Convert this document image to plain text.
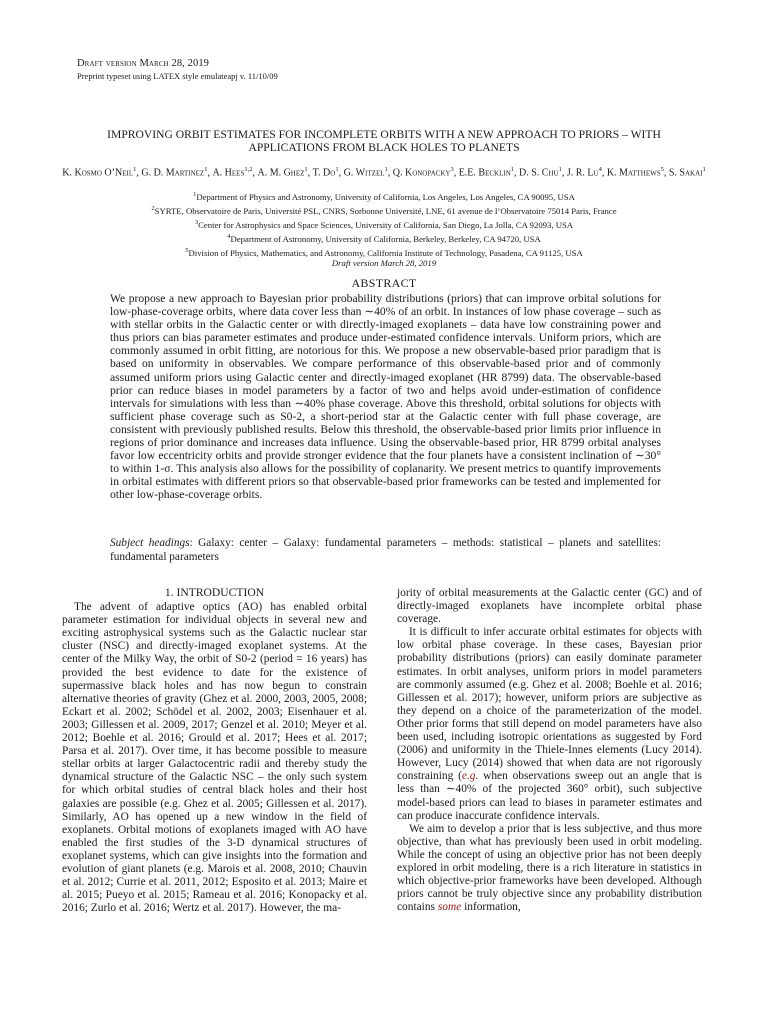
Draft version March 28, 2019
Preprint typeset using LATEX style emulateapj v. 11/10/09
IMPROVING ORBIT ESTIMATES FOR INCOMPLETE ORBITS WITH A NEW APPROACH TO PRIORS – WITH APPLICATIONS FROM BLACK HOLES TO PLANETS
K. Kosmo O’Neil$^1$, G. D. Martinez$^1$, A. Hees$^{1,2}$, A. M. Ghez$^1$, T. Do$^1$, G. Witzel$^1$, Q. Konopacky$^3$, E.E. Becklin$^1$, D. S. Chu$^1$, J. R. Lu$^4$, K. Matthews$^5$, S. Sakai$^1$
$^1$Department of Physics and Astronomy, University of California, Los Angeles, Los Angeles, CA 90095, USA
$^2$SYRTE, Observatoire de Paris, Université PSL, CNRS, Sorbonne Université, LNE, 61 avenue de l’Observatoire 75014 Paris, France
$^3$Center for Astrophysics and Space Sciences, University of California, San Diego, La Jolla, CA 92093, USA
$^4$Department of Astronomy, University of California, Berkeley, Berkeley, CA 94720, USA
$^5$Division of Physics, Mathematics, and Astronomy, California Institute of Technology, Pasadena, CA 91125, USA
Draft version March 28, 2019
ABSTRACT
We propose a new approach to Bayesian prior probability distributions (priors) that can improve orbital solutions for low-phase-coverage orbits, where data cover less than ∼40% of an orbit. In instances of low phase coverage – such as with stellar orbits in the Galactic center or with directly-imaged exoplanets – data have low constraining power and thus priors can bias parameter estimates and produce under-estimated confidence intervals. Uniform priors, which are commonly assumed in orbit fitting, are notorious for this. We propose a new observable-based prior paradigm that is based on uniformity in observables. We compare performance of this observable-based prior and of commonly assumed uniform priors using Galactic center and directly-imaged exoplanet (HR 8799) data. The observable-based prior can reduce biases in model parameters by a factor of two and helps avoid under-estimation of confidence intervals for simulations with less than ∼40% phase coverage. Above this threshold, orbital solutions for objects with sufficient phase coverage such as S0-2, a short-period star at the Galactic center with full phase coverage, are consistent with previously published results. Below this threshold, the observable-based prior limits prior influence in regions of prior dominance and increases data influence. Using the observable-based prior, HR 8799 orbital analyses favor low eccentricity orbits and provide stronger evidence that the four planets have a consistent inclination of ∼30° to within 1-σ. This analysis also allows for the possibility of coplanarity. We present metrics to quantify improvements in orbital estimates with different priors so that observable-based prior frameworks can be tested and implemented for other low-phase-coverage orbits.
Subject headings: Galaxy: center – Galaxy: fundamental parameters – methods: statistical – planets and satellites: fundamental parameters
1. INTRODUCTION

The advent of adaptive optics (AO) has enabled orbital parameter estimation for individual objects in several new and exciting astrophysical systems such as the Galactic nuclear star cluster (NSC) and directly-imaged exoplanet systems. At the center of the Milky Way, the orbit of S0-2 (period = 16 years) has provided the best evidence to date for the existence of supermassive black holes and has now begun to constrain alternative theories of gravity (Ghez et al. 2000, 2003, 2005, 2008; Eckart et al. 2002; Schödel et al. 2002, 2003; Eisenhauer et al. 2003; Gillessen et al. 2009, 2017; Genzel et al. 2010; Meyer et al. 2012; Boehle et al. 2016; Grould et al. 2017; Hees et al. 2017; Parsa et al. 2017). Over time, it has become possible to measure stellar orbits at larger Galactocentric radii and thereby study the dynamical structure of the Galactic NSC – the only such system for which orbital studies of central black holes and their host galaxies are possible (e.g. Ghez et al. 2005; Gillessen et al. 2017). Similarly, AO has opened up a new window in the field of exoplanets. Orbital motions of exoplanets imaged with AO have enabled the first studies of the 3-D dynamical structures of exoplanet systems, which can give insights into the formation and evolution of giant planets (e.g. Marois et al. 2008, 2010; Chauvin et al. 2012; Currie et al. 2011, 2012; Esposito et al. 2013; Maire et al. 2015; Pueyo et al. 2015; Rameau et al. 2016; Konopacky et al. 2016; Zurlo et al. 2016; Wertz et al. 2017). However, the ma-

jority of orbital measurements at the Galactic center (GC) and of directly-imaged exoplanets have incomplete orbital phase coverage.

It is difficult to infer accurate orbital estimates for objects with low orbital phase coverage. In these cases, Bayesian prior probability distributions (priors) can easily dominate parameter estimates. In orbit analyses, uniform priors in model parameters are commonly assumed (e.g. Ghez et al. 2008; Boehle et al. 2016; Gillessen et al. 2017); however, uniform priors are subjective as they depend on a choice of the parameterization of the model. Other prior forms that still depend on model parameters have also been used, including isotropic orientations as suggested by Ford (2006) and uniformity in the Thiele-Innes elements (Lucy 2014). However, Lucy (2014) showed that when data are not rigorously constraining (e.g. when observations sweep out an angle that is less than ∼40% of the projected 360° orbit), such subjective model-based priors can lead to biases in parameter estimates and can produce inaccurate confidence intervals.

We aim to develop a prior that is less subjective, and thus more objective, than what has previously been used in orbit modeling. While the concept of using an objective prior has not been deeply explored in orbit modeling, there is a rich literature in statistics in which objective-prior frameworks have been developed. Although priors cannot be truly objective since any probability distribution contains some information,
